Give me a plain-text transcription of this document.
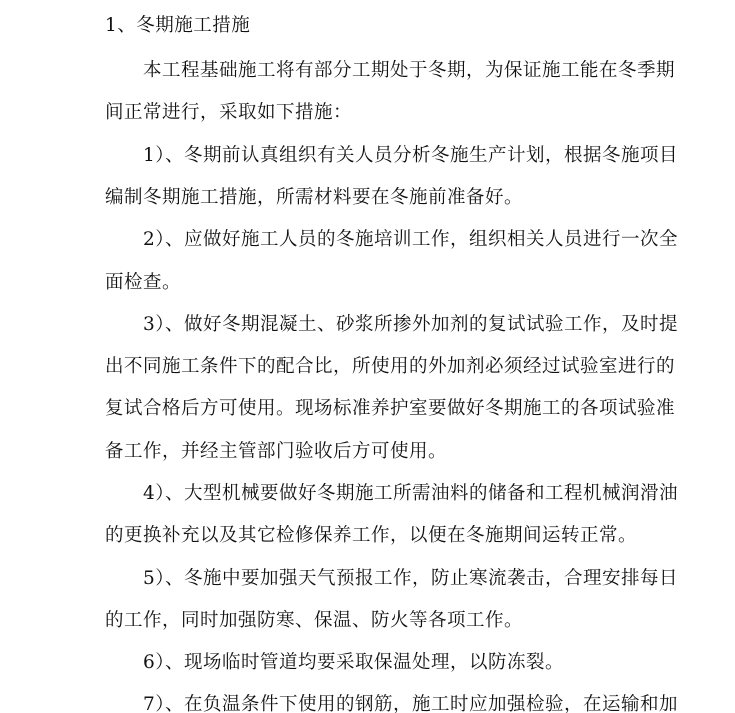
1、冬期施工措施
本工程基础施工将有部分工期处于冬期，为保证施工能在冬季期
间正常进行，采取如下措施：
1）、冬期前认真组织有关人员分析冬施生产计划，根据冬施项目
编制冬期施工措施，所需材料要在冬施前准备好。
2）、应做好施工人员的冬施培训工作，组织相关人员进行一次全
面检查。
3）、做好冬期混凝土、砂浆所掺外加剂的复试试验工作，及时提
出不同施工条件下的配合比，所使用的外加剂必须经过试验室进行的
复试合格后方可使用。现场标准养护室要做好冬期施工的各项试验准
备工作，并经主管部门验收后方可使用。
4）、大型机械要做好冬期施工所需油料的储备和工程机械润滑油
的更换补充以及其它检修保养工作，以便在冬施期间运转正常。
5）、冬施中要加强天气预报工作，防止寒流袭击，合理安排每日
的工作，同时加强防寒、保温、防火等各项工作。
6）、现场临时管道均要采取保温处理，以防冻裂。
7）、在负温条件下使用的钢筋，施工时应加强检验，在运输和加
